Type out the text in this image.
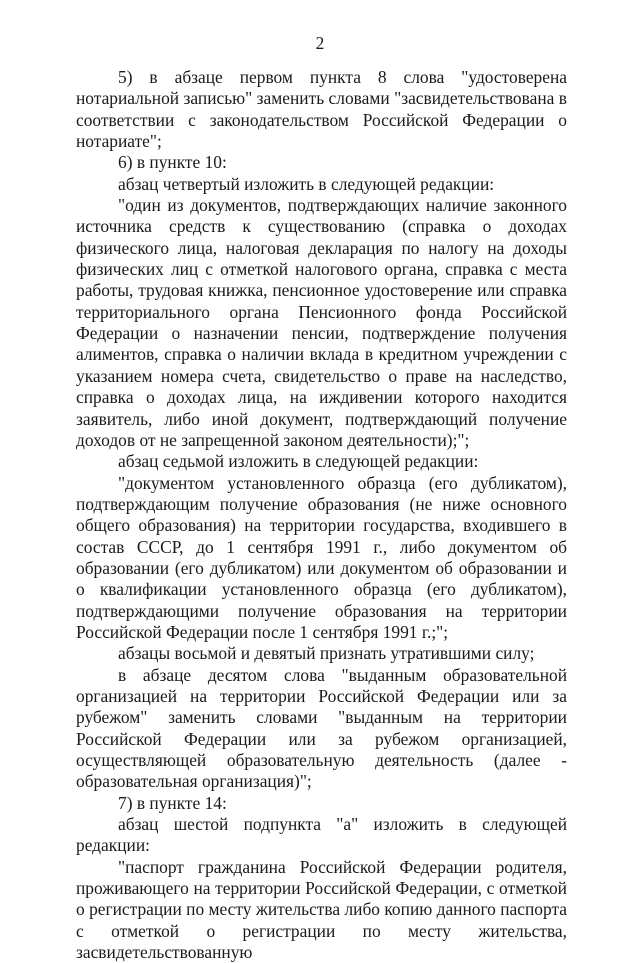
2

5) в абзаце первом пункта 8 слова "удостоверена нотариальной записью" заменить словами "засвидетельствована в соответствии с законодательством Российской Федерации о нотариате";

6) в пункте 10:

абзац четвертый изложить в следующей редакции:

"один из документов, подтверждающих наличие законного источника средств к существованию (справка о доходах физического лица, налоговая декларация по налогу на доходы физических лиц с отметкой налогового органа, справка с места работы, трудовая книжка, пенсионное удостоверение или справка территориального органа Пенсионного фонда Российской Федерации о назначении пенсии, подтверждение получения алиментов, справка о наличии вклада в кредитном учреждении с указанием номера счета, свидетельство о праве на наследство, справка о доходах лица, на иждивении которого находится заявитель, либо иной документ, подтверждающий получение доходов от не запрещенной законом деятельности);";

абзац седьмой изложить в следующей редакции:

"документом установленного образца (его дубликатом), подтверждающим получение образования (не ниже основного общего образования) на территории государства, входившего в состав СССР, до 1 сентября 1991 г., либо документом об образовании (его дубликатом) или документом об образовании и о квалификации установленного образца (его дубликатом), подтверждающими получение образования на территории Российской Федерации после 1 сентября 1991 г.;";

абзацы восьмой и девятый признать утратившими силу;

в абзаце десятом слова "выданным образовательной организацией на территории Российской Федерации или за рубежом" заменить словами "выданным на территории Российской Федерации или за рубежом организацией, осуществляющей образовательную деятельность (далее - образовательная организация)";

7) в пункте 14:

абзац шестой подпункта "а" изложить в следующей редакции:

"паспорт гражданина Российской Федерации родителя, проживающего на территории Российской Федерации, с отметкой о регистрации по месту жительства либо копию данного паспорта с отметкой о регистрации по месту жительства, засвидетельствованную
